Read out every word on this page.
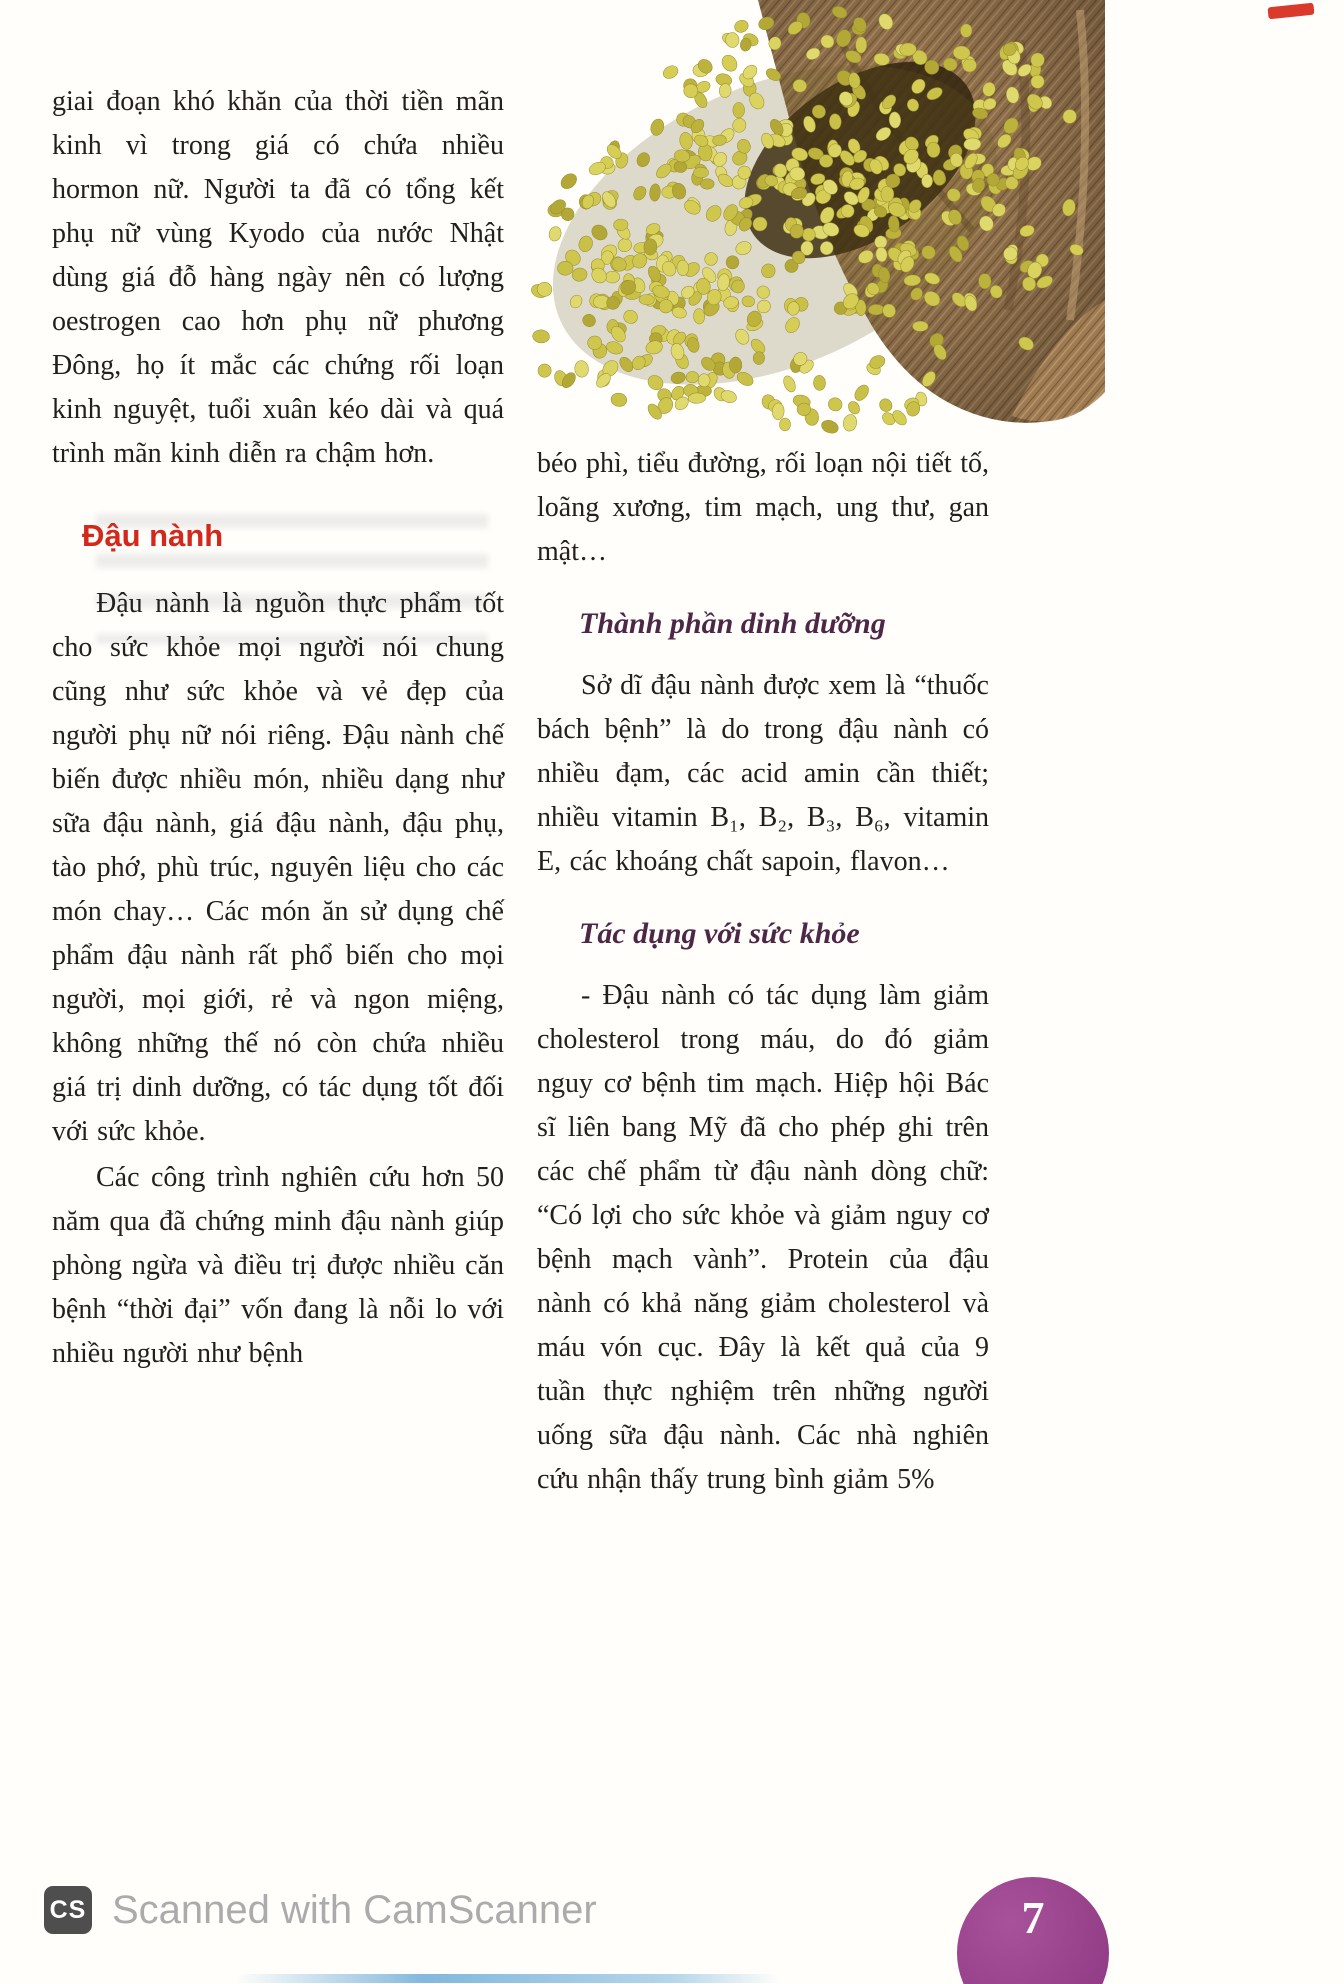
giai đoạn khó khăn của thời tiền mãn kinh vì trong giá có chứa nhiều hormon nữ. Người ta đã có tổng kết phụ nữ vùng Kyodo của nước Nhật dùng giá đỗ hàng ngày nên có lượng oestrogen cao hơn phụ nữ phương Đông, họ ít mắc các chứng rối loạn kinh nguyệt, tuổi xuân kéo dài và quá trình mãn kinh diễn ra chậm hơn.

Đậu nành

Đậu nành là nguồn thực phẩm tốt cho sức khỏe mọi người nói chung cũng như sức khỏe và vẻ đẹp của người phụ nữ nói riêng. Đậu nành chế biến được nhiều món, nhiều dạng như sữa đậu nành, giá đậu nành, đậu phụ, tào phớ, phù trúc, nguyên liệu cho các món chay… Các món ăn sử dụng chế phẩm đậu nành rất phổ biến cho mọi người, mọi giới, rẻ và ngon miệng, không những thế nó còn chứa nhiều giá trị dinh dưỡng, có tác dụng tốt đối với sức khỏe.

Các công trình nghiên cứu hơn 50 năm qua đã chứng minh đậu nành giúp phòng ngừa và điều trị được nhiều căn bệnh “thời đại” vốn đang là nỗi lo với nhiều người như bệnh

béo phì, tiểu đường, rối loạn nội tiết tố, loãng xương, tim mạch, ung thư, gan mật…

Thành phần dinh dưỡng

Sở dĩ đậu nành được xem là “thuốc bách bệnh” là do trong đậu nành có nhiều đạm, các acid amin cần thiết; nhiều vitamin B₁, B₂, B₃, B₆, vitamin E, các khoáng chất sapoin, flavon…

Tác dụng với sức khỏe

- Đậu nành có tác dụng làm giảm cholesterol trong máu, do đó giảm nguy cơ bệnh tim mạch. Hiệp hội Bác sĩ liên bang Mỹ đã cho phép ghi trên các chế phẩm từ đậu nành dòng chữ: “Có lợi cho sức khỏe và giảm nguy cơ bệnh mạch vành”. Protein của đậu nành có khả năng giảm cholesterol và máu vón cục. Đây là kết quả của 9 tuần thực nghiệm trên những người uống sữa đậu nành. Các nhà nghiên cứu nhận thấy trung bình giảm 5%

CS Scanned with CamScanner	7
